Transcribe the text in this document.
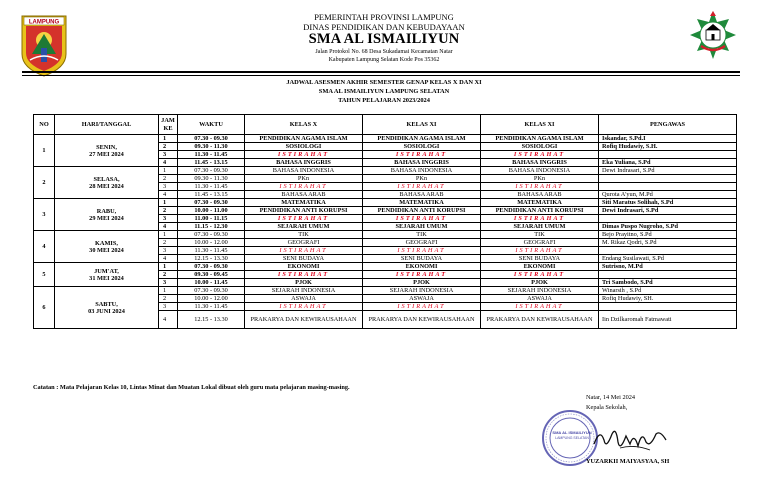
LAMPUNG
PEMERINTAH PROVINSI LAMPUNG
DINAS PENDIDIKAN DAN KEBUDAYAAN
SMA AL ISMAILIYUN
Jalan Protokol No. 68 Desa Sukadamai Kecamatan Natar
Kabupaten Lampung Selatan Kode Pos 35362
JADWAL ASESMEN AKHIR SEMESTER GENAP KELAS X DAN XI
SMA AL ISMAILIYUN LAMPUNG SELATAN
TAHUN PELAJARAN 2023/2024
NO	HARI/TANGGAL	JAM KE	WAKTU	KELAS X	KELAS XI	KELAS XI	PENGAWAS
1	SENIN,
27 MEI 2024	1	07.30 - 09.30	PENDIDIKAN AGAMA ISLAM	PENDIDIKAN AGAMA ISLAM	PENDIDIKAN AGAMA ISLAM	Iskandar, S.Pd.I
		2	09.30 - 11.30	SOSIOLOGI	SOSIOLOGI	SOSIOLOGI	Rofiq Hudawiy, S.H.
		3	11.30 - 11.45	ISTIRAHAT	ISTIRAHAT	ISTIRAHAT	
		4	11.45 - 13.15	BAHASA INGGRIS	BAHASA INGGRIS	BAHASA INGGRIS	Eka Yuliana, S.Pd
2	SELASA,
28 MEI 2024	1	07.30 - 09.30	BAHASA INDONESIA	BAHASA INDONESIA	BAHASA INDONESIA	Dewi Indrasari, S.Pd
		2	09.30 - 11.30	PKn	PKn	PKn	
		3	11.30 - 11.45	ISTIRAHAT	ISTIRAHAT	ISTIRAHAT	
		4	11.45 - 13.15	BAHASA ARAB	BAHASA ARAB	BAHASA ARAB	Qurota A'yun, M.Pd
3	RABU,
29 MEI 2024	1	07.30 - 09.30	MATEMATIKA	MATEMATIKA	MATEMATIKA	Siti Maratus Solihah, S.Pd
		2	10.00 - 11.00	PENDIDIKAN ANTI KORUPSI	PENDIDIKAN ANTI KORUPSI	PENDIDIKAN ANTI KORUPSI	Dewi Indrasari, S.Pd
		3	11.00 - 11.15	ISTIRAHAT	ISTIRAHAT	ISTIRAHAT	
		4	11.15 - 12.30	SEJARAH UMUM	SEJARAH UMUM	SEJARAH UMUM	Dimas Puspo Nugroho, S.Pd
4	KAMIS,
30 MEI 2024	1	07.30 - 09.30	TIK	TIK	TIK	Bejo Prayitno, S.Pd
		2	10.00 - 12.00	GEOGRAFI	GEOGRAFI	GEOGRAFI	M. Rikaz Qodri, S.Pd
		3	11.30 - 11.45	ISTIRAHAT	ISTIRAHAT	ISTIRAHAT	
		4	12.15 - 13.30	SENI BUDAYA	SENI BUDAYA	SENI BUDAYA	Endang Susilawati, S.Pd
5	JUM'AT,
31 MEI 2024	1	07.30 - 09.30	EKONOMI	EKONOMI	EKONOMI	Sutrisno, M.Pd
		2	09.30 - 09.45	ISTIRAHAT	ISTIRAHAT	ISTIRAHAT	
		3	10.00 - 11.45	PJOK	PJOK	PJOK	Tri Sambodo, S.Pd
6	SABTU,
03 JUNI 2024	1	07.30 - 09.30	SEJARAH INDONESIA	SEJARAH INDONESIA	SEJARAH INDONESIA	Winarsih , S.Pd
		2	10.00 - 12.00	ASWAJA	ASWAJA	ASWAJA	Rofiq Hudawiy, SH.
		3	11.30 - 11.45	ISTIRAHAT	ISTIRAHAT	ISTIRAHAT	
		4	12.15 - 13.30	PRAKARYA DAN KEWIRAUSAHAAN	PRAKARYA DAN KEWIRAUSAHAAN	PRAKARYA DAN KEWIRAUSAHAAN	Iin Dzilkaromah Fatmawati
Catatan : Mata Pelajaran Kelas 10, Lintas Minat dan Muatan Lokal dibuat oleh guru mata pelajaran masing-masing.
Natar, 14 Mei 2024
Kepala Sekolah,
SMA AL ISMAILIYUN
LAMPUNG SELATAN
YUZARKII MAIYASYAA, SH
